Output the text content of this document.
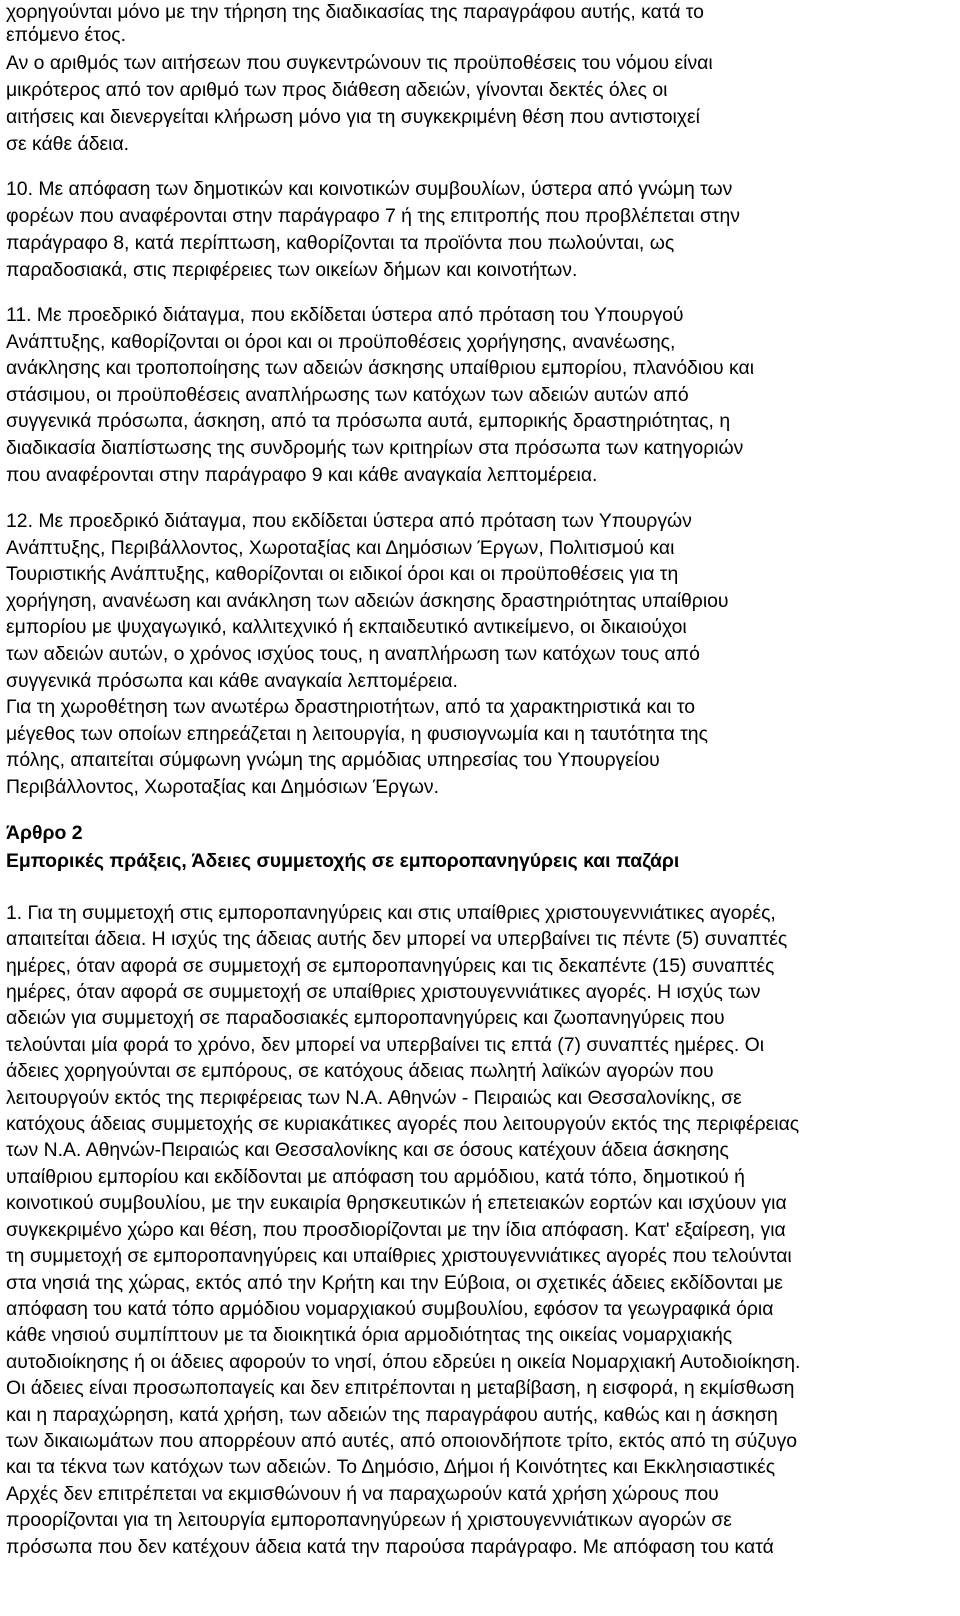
χορηγούνται μόνο με την τήρηση της διαδικασίας της παραγράφου αυτής, κατά το
επόμενο έτος.
Αν ο αριθμός των αιτήσεων που συγκεντρώνουν τις προϋποθέσεις του νόμου είναι
μικρότερος από τον αριθμό των προς διάθεση αδειών, γίνονται δεκτές όλες οι
αιτήσεις και διενεργείται κλήρωση μόνο για τη συγκεκριμένη θέση που αντιστοιχεί
σε κάθε άδεια.
10. Με απόφαση των δημοτικών και κοινοτικών συμβουλίων, ύστερα από γνώμη των
φορέων που αναφέρονται στην παράγραφο 7 ή της επιτροπής που προβλέπεται στην
παράγραφο 8, κατά περίπτωση, καθορίζονται τα προϊόντα που πωλούνται, ως
παραδοσιακά, στις περιφέρειες των οικείων δήμων και κοινοτήτων.
11. Με προεδρικό διάταγμα, που εκδίδεται ύστερα από πρόταση του Υπουργού
Ανάπτυξης, καθορίζονται οι όροι και οι προϋποθέσεις χορήγησης, ανανέωσης,
ανάκλησης και τροποποίησης των αδειών άσκησης υπαίθριου εμπορίου, πλανόδιου και
στάσιμου, οι προϋποθέσεις αναπλήρωσης των κατόχων των αδειών αυτών από
συγγενικά πρόσωπα, άσκηση, από τα πρόσωπα αυτά, εμπορικής δραστηριότητας, η
διαδικασία διαπίστωσης της συνδρομής των κριτηρίων στα πρόσωπα των κατηγοριών
που αναφέρονται στην παράγραφο 9 και κάθε αναγκαία λεπτομέρεια.
12. Με προεδρικό διάταγμα, που εκδίδεται ύστερα από πρόταση των Υπουργών
Ανάπτυξης, Περιβάλλοντος, Χωροταξίας και Δημόσιων Έργων, Πολιτισμού και
Τουριστικής Ανάπτυξης, καθορίζονται οι ειδικοί όροι και οι προϋποθέσεις για τη
χορήγηση, ανανέωση και ανάκληση των αδειών άσκησης δραστηριότητας υπαίθριου
εμπορίου με ψυχαγωγικό, καλλιτεχνικό ή εκπαιδευτικό αντικείμενο, οι δικαιούχοι
των αδειών αυτών, ο χρόνος ισχύος τους, η αναπλήρωση των κατόχων τους από
συγγενικά πρόσωπα και κάθε αναγκαία λεπτομέρεια.
Για τη χωροθέτηση των ανωτέρω δραστηριοτήτων, από τα χαρακτηριστικά και το
μέγεθος των οποίων επηρεάζεται η λειτουργία, η φυσιογνωμία και η ταυτότητα της
πόλης, απαιτείται σύμφωνη γνώμη της αρμόδιας υπηρεσίας του Υπουργείου
Περιβάλλοντος, Χωροταξίας και Δημόσιων Έργων.
Άρθρο 2
Εμπορικές πράξεις, Άδειες συμμετοχής σε εμποροπανηγύρεις και παζάρι
1. Για τη συμμετοχή στις εμποροπανηγύρεις και στις υπαίθριες χριστουγεννιάτικες αγορές,
απαιτείται άδεια. Η ισχύς της άδειας αυτής δεν μπορεί να υπερβαίνει τις πέντε (5) συναπτές
ημέρες, όταν αφορά σε συμμετοχή σε εμποροπανηγύρεις και τις δεκαπέντε (15) συναπτές
ημέρες, όταν αφορά σε συμμετοχή σε υπαίθριες χριστουγεννιάτικες αγορές. Η ισχύς των
αδειών για συμμετοχή σε παραδοσιακές εμποροπανηγύρεις και ζωοπανηγύρεις που
τελούνται μία φορά το χρόνο, δεν μπορεί να υπερβαίνει τις επτά (7) συναπτές ημέρες. Οι
άδειες χορηγούνται σε εμπόρους, σε κατόχους άδειας πωλητή λαϊκών αγορών που
λειτουργούν εκτός της περιφέρειας των Ν.Α. Αθηνών - Πειραιώς και Θεσσαλονίκης, σε
κατόχους άδειας συμμετοχής σε κυριακάτικες αγορές που λειτουργούν εκτός της περιφέρειας
των Ν.Α. Αθηνών-Πειραιώς και Θεσσαλονίκης και σε όσους κατέχουν άδεια άσκησης
υπαίθριου εμπορίου και εκδίδονται με απόφαση του αρμόδιου, κατά τόπο, δημοτικού ή
κοινοτικού συμβουλίου, με την ευκαιρία θρησκευτικών ή επετειακών εορτών και ισχύουν για
συγκεκριμένο χώρο και θέση, που προσδιορίζονται με την ίδια απόφαση. Κατ' εξαίρεση, για
τη συμμετοχή σε εμποροπανηγύρεις και υπαίθριες χριστουγεννιάτικες αγορές που τελούνται
στα νησιά της χώρας, εκτός από την Κρήτη και την Εύβοια, οι σχετικές άδειες εκδίδονται με
απόφαση του κατά τόπο αρμόδιου νομαρχιακού συμβουλίου, εφόσον τα γεωγραφικά όρια
κάθε νησιού συμπίπτουν με τα διοικητικά όρια αρμοδιότητας της οικείας νομαρχιακής
αυτοδιοίκησης ή οι άδειες αφορούν το νησί, όπου εδρεύει η οικεία Νομαρχιακή Αυτοδιοίκηση.
Οι άδειες είναι προσωποπαγείς και δεν επιτρέπονται η μεταβίβαση, η εισφορά, η εκμίσθωση
και η παραχώρηση, κατά χρήση, των αδειών της παραγράφου αυτής, καθώς και η άσκηση
των δικαιωμάτων που απορρέουν από αυτές, από οποιονδήποτε τρίτο, εκτός από τη σύζυγο
και τα τέκνα των κατόχων των αδειών. Το Δημόσιο, Δήμοι ή Κοινότητες και Εκκλησιαστικές
Αρχές δεν επιτρέπεται να εκμισθώνουν ή να παραχωρούν κατά χρήση χώρους που
προορίζονται για τη λειτουργία εμποροπανηγύρεων ή χριστουγεννιάτικων αγορών σε
πρόσωπα που δεν κατέχουν άδεια κατά την παρούσα παράγραφο. Με απόφαση του κατά
